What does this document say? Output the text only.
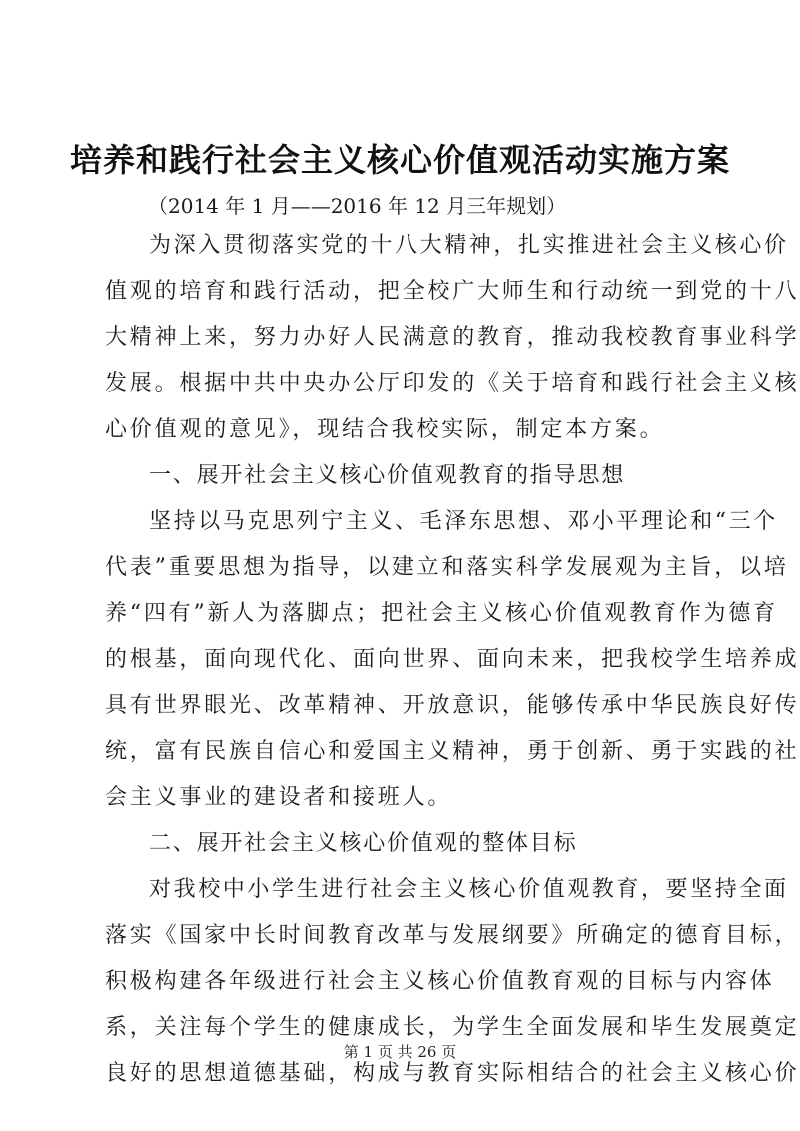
培养和践行社会主义核心价值观活动实施方案
（2014 年 1 月——2016 年 12 月三年规划）
为深入贯彻落实党的十八大精神，扎实推进社会主义核心价
值观的培育和践行活动，把全校广大师生和行动统一到党的十八
大精神上来，努力办好人民满意的教育，推动我校教育事业科学
发展。根据中共中央办公厅印发的《关于培育和践行社会主义核
心价值观的意见》，现结合我校实际，制定本方案。
一、展开社会主义核心价值观教育的指导思想
坚持以马克思列宁主义、毛泽东思想、邓小平理论和“三个
代表”重要思想为指导，以建立和落实科学发展观为主旨，以培
养“四有”新人为落脚点；把社会主义核心价值观教育作为德育
的根基，面向现代化、面向世界、面向未来，把我校学生培养成
具有世界眼光、改革精神、开放意识，能够传承中华民族良好传
统，富有民族自信心和爱国主义精神，勇于创新、勇于实践的社
会主义事业的建设者和接班人。
二、展开社会主义核心价值观的整体目标
对我校中小学生进行社会主义核心价值观教育，要坚持全面
落实《国家中长时间教育改革与发展纲要》所确定的德育目标，
积极构建各年级进行社会主义核心价值教育观的目标与内容体
系，关注每个学生的健康成长，为学生全面发展和毕生发展奠定
良好的思想道德基础，构成与教育实际相结合的社会主义核心价
第 1 页 共 26 页
